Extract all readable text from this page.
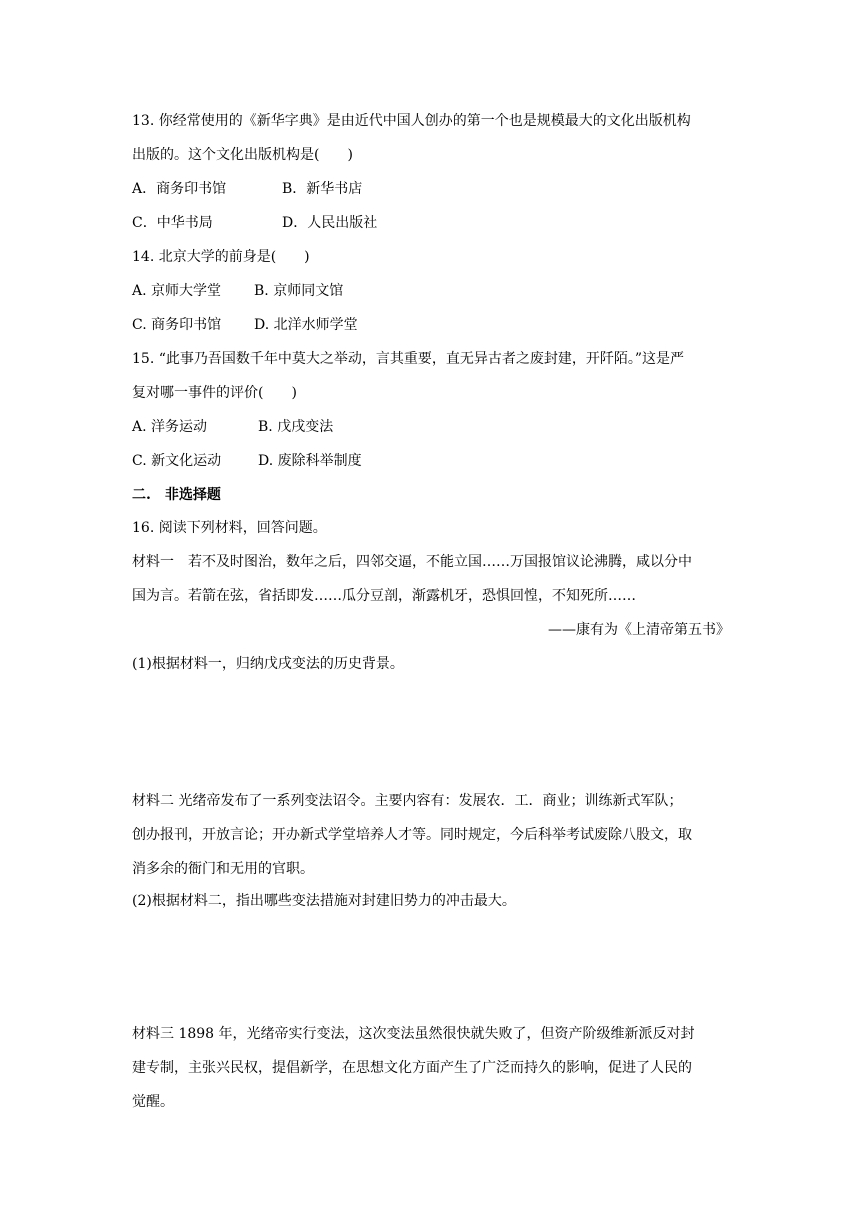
13. 你经常使用的《新华字典》是由近代中国人创办的第一个也是规模最大的文化出版机构
出版的。这个文化出版机构是(　　)
A．商务印书馆	B．新华书店
C．中华书局	D．人民出版社
14. 北京大学的前身是(　　)
A. 京师大学堂 B. 京师同文馆
C. 商务印书馆 D. 北洋水师学堂
15. “此事乃吾国数千年中莫大之举动，言其重要，直无异古者之废封建，开阡陌。”这是严
复对哪一事件的评价(　　)
A. 洋务运动	B. 戊戌变法
C. 新文化运动	D. 废除科举制度
二.　非选择题
16. 阅读下列材料，回答问题。
材料一　若不及时图治，数年之后，四邻交逼，不能立国……万国报馆议论沸腾，咸以分中
国为言。若箭在弦，省括即发……瓜分豆剖，渐露机牙，恐惧回惶，不知死所……
——康有为《上清帝第五书》
(1)根据材料一，归纳戊戌变法的历史背景。
材料二 光绪帝发布了一系列变法诏令。主要内容有：发展农．工．商业；训练新式军队；
创办报刊，开放言论；开办新式学堂培养人才等。同时规定，今后科举考试废除八股文，取
消多余的衙门和无用的官职。
(2)根据材料二，指出哪些变法措施对封建旧势力的冲击最大。
材料三 1898 年，光绪帝实行变法，这次变法虽然很快就失败了，但资产阶级维新派反对封
建专制，主张兴民权，提倡新学，在思想文化方面产生了广泛而持久的影响，促进了人民的
觉醒。
